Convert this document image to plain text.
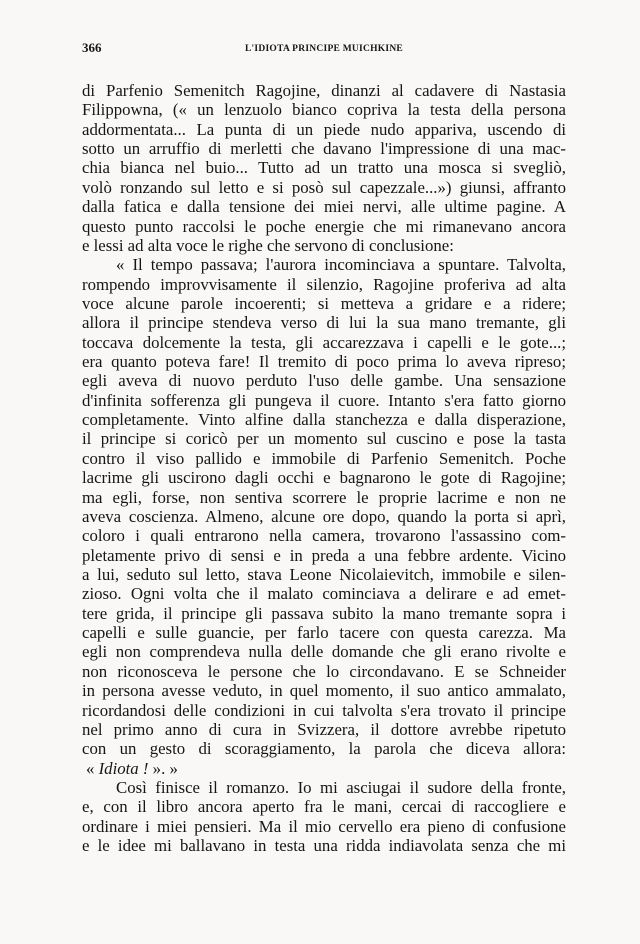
366	L'IDIOTA PRINCIPE MUICHKINE
di Parfenio Semenitch Ragojine, dinanzi al cadavere di Nastasia
Filippowna, (« un lenzuolo bianco copriva la testa della persona
addormentata... La punta di un piede nudo appariva, uscendo di
sotto un arruffio di merletti che davano l'impressione di una mac-
chia bianca nel buio... Tutto ad un tratto una mosca si svegliò,
volò ronzando sul letto e si posò sul capezzale...») giunsi, affranto
dalla fatica e dalla tensione dei miei nervi, alle ultime pagine. A
questo punto raccolsi le poche energie che mi rimanevano ancora
e lessi ad alta voce le righe che servono di conclusione:
« Il tempo passava; l'aurora incominciava a spuntare. Talvolta,
rompendo improvvisamente il silenzio, Ragojine proferiva ad alta
voce alcune parole incoerenti; si metteva a gridare e a ridere;
allora il principe stendeva verso di lui la sua mano tremante, gli
toccava dolcemente la testa, gli accarezzava i capelli e le gote...;
era quanto poteva fare! Il tremito di poco prima lo aveva ripreso;
egli aveva di nuovo perduto l'uso delle gambe. Una sensazione
d'infinita sofferenza gli pungeva il cuore. Intanto s'era fatto giorno
completamente. Vinto alfine dalla stanchezza e dalla disperazione,
il principe si coricò per un momento sul cuscino e pose la tasta
contro il viso pallido e immobile di Parfenio Semenitch. Poche
lacrime gli uscirono dagli occhi e bagnarono le gote di Ragojine;
ma egli, forse, non sentiva scorrere le proprie lacrime e non ne
aveva coscienza. Almeno, alcune ore dopo, quando la porta si aprì,
coloro i quali entrarono nella camera, trovarono l'assassino com-
pletamente privo di sensi e in preda a una febbre ardente. Vicino
a lui, seduto sul letto, stava Leone Nicolaievitch, immobile e silen-
zioso. Ogni volta che il malato cominciava a delirare e ad emet-
tere grida, il principe gli passava subito la mano tremante sopra i
capelli e sulle guancie, per farlo tacere con questa carezza. Ma
egli non comprendeva nulla delle domande che gli erano rivolte e
non riconosceva le persone che lo circondavano. E se Schneider
in persona avesse veduto, in quel momento, il suo antico ammalato,
ricordandosi delle condizioni in cui talvolta s'era trovato il principe
nel primo anno di cura in Svizzera, il dottore avrebbe ripetuto
con un gesto di scoraggiamento, la parola che diceva allora:
« Idiota ! ». »
Così finisce il romanzo. Io mi asciugai il sudore della fronte,
e, con il libro ancora aperto fra le mani, cercai di raccogliere e
ordinare i miei pensieri. Ma il mio cervello era pieno di confusione
e le idee mi ballavano in testa una ridda indiavolata senza che mi
